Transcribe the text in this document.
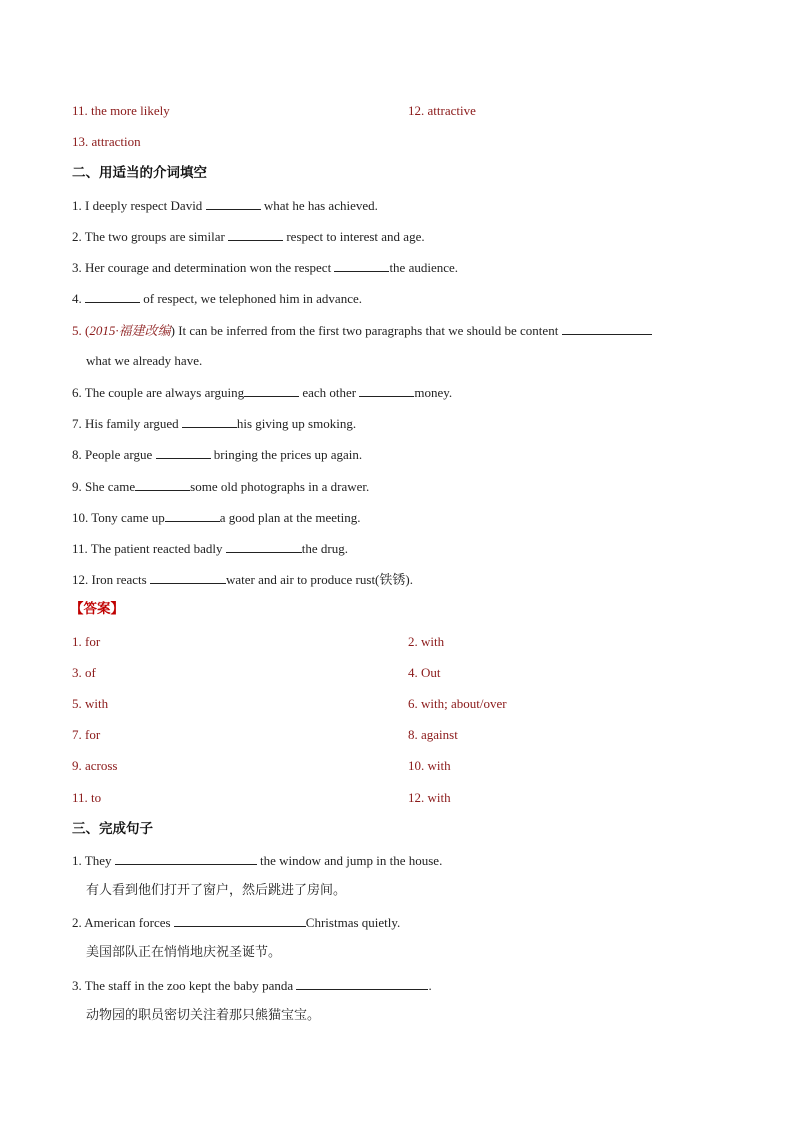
11. the more likely	12. attractive
13. attraction
二、用适当的介词填空
1. I deeply respect David	what he has achieved.
2. The two groups are similar	respect to interest and age.
3. Her courage and determination won the respect	the audience.
4.	of respect, we telephoned him in advance.
5. (2015·福建改编) It can be inferred from the first two paragraphs that we should be content
what we already have.
6. The couple are always arguing	each other	money.
7. His family argued	his giving up smoking.
8. People argue	bringing the prices up again.
9. She came	some old photographs in a drawer.
10. Tony came up	a good plan at the meeting.
11. The patient reacted badly	the drug.
12. Iron reacts	water and air to produce rust(铁锈).
【答案】
1. for	2. with
3. of	4. Out
5. with	6. with; about/over
7. for	8. against
9. across	10. with
11. to	12. with
三、完成句子
1. They	the window and jump in the house.
有人看到他们打开了窗户，然后跳进了房间。
2. American forces	Christmas quietly.
美国部队正在悄悄地庆祝圣诞节。
3. The staff in the zoo kept the baby panda	.
动物园的职员密切关注着那只熊猫宝宝。
